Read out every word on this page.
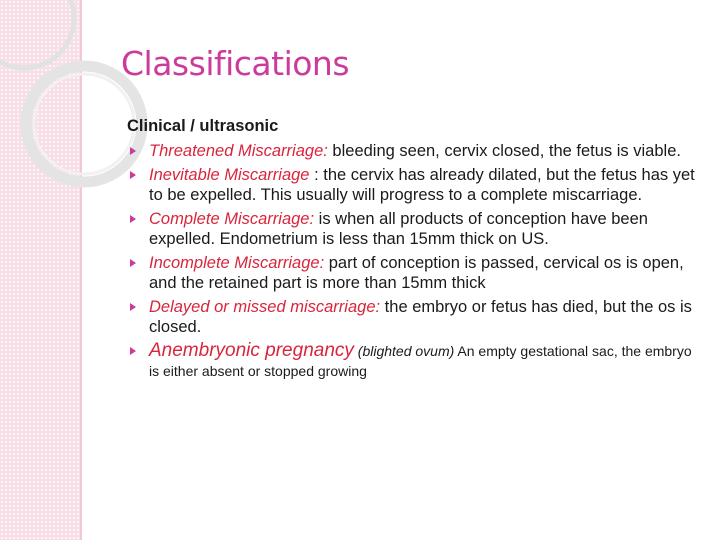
Classifications
Clinical / ultrasonic
Threatened Miscarriage: bleeding seen, cervix closed, the fetus is viable.
Inevitable Miscarriage : the cervix has already dilated, but the fetus has yet to be expelled. This usually will progress to a complete miscarriage.
Complete Miscarriage: is when all products of conception have been expelled. Endometrium is less than 15mm thick on US.
Incomplete Miscarriage: part of conception is passed, cervical os is open, and the retained part is more than 15mm thick
Delayed or missed miscarriage: the embryo or fetus has died, but the os is closed.
Anembryonic pregnancy (blighted ovum) An empty gestational sac, the embryo is either absent or stopped growing
